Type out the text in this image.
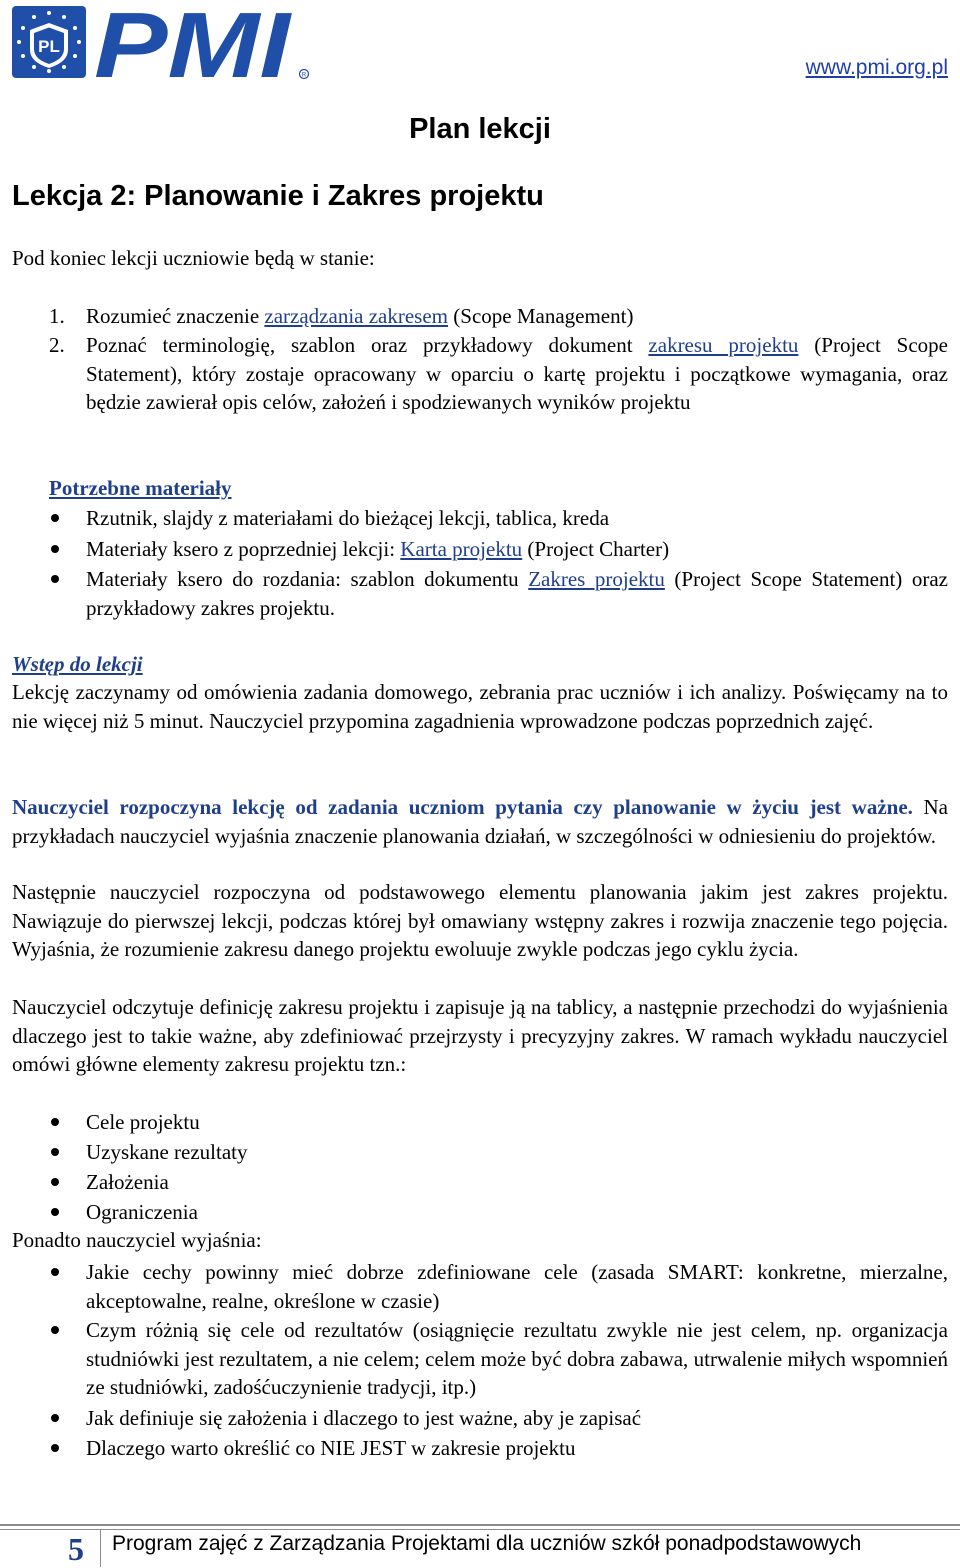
PL PMI R	www.pmi.org.pl
Plan lekcji
Lekcja 2: Planowanie i Zakres projektu
Pod koniec lekcji uczniowie będą w stanie:
1. Rozumieć znaczenie zarządzania zakresem (Scope Management)
2. Poznać terminologię, szablon oraz przykładowy dokument zakresu projektu (Project Scope Statement), który zostaje opracowany w oparciu o kartę projektu i początkowe wymagania, oraz będzie zawierał opis celów, założeń i spodziewanych wyników projektu
Potrzebne materiały
Rzutnik, slajdy z materiałami do bieżącej lekcji, tablica, kreda
Materiały ksero z poprzedniej lekcji: Karta projektu (Project Charter)
Materiały ksero do rozdania: szablon dokumentu Zakres projektu (Project Scope Statement) oraz przykładowy zakres projektu.
Wstęp do lekcji
Lekcję zaczynamy od omówienia zadania domowego, zebrania prac uczniów i ich analizy. Poświęcamy na to nie więcej niż 5 minut. Nauczyciel przypomina zagadnienia wprowadzone podczas poprzednich zajęć.
Nauczyciel rozpoczyna lekcję od zadania uczniom pytania czy planowanie w życiu jest ważne. Na przykładach nauczyciel wyjaśnia znaczenie planowania działań, w szczególności w odniesieniu do projektów.
Następnie nauczyciel rozpoczyna od podstawowego elementu planowania jakim jest zakres projektu. Nawiązuje do pierwszej lekcji, podczas której był omawiany wstępny zakres i rozwija znaczenie tego pojęcia. Wyjaśnia, że rozumienie zakresu danego projektu ewoluuje zwykle podczas jego cyklu życia.
Nauczyciel odczytuje definicję zakresu projektu i zapisuje ją na tablicy, a następnie przechodzi do wyjaśnienia dlaczego jest to takie ważne, aby zdefiniować przejrzysty i precyzyjny zakres. W ramach wykładu nauczyciel omówi główne elementy zakresu projektu tzn.:
Cele projektu
Uzyskane rezultaty
Założenia
Ograniczenia
Ponadto nauczyciel wyjaśnia:
Jakie cechy powinny mieć dobrze zdefiniowane cele (zasada SMART: konkretne, mierzalne, akceptowalne, realne, określone w czasie)
Czym różnią się cele od rezultatów (osiągnięcie rezultatu zwykle nie jest celem, np. organizacja studniówki jest rezultatem, a nie celem; celem może być dobra zabawa, utrwalenie miłych wspomnień ze studniówki, zadośćuczynienie tradycji, itp.)
Jak definiuje się założenia i dlaczego to jest ważne, aby je zapisać
Dlaczego warto określić co NIE JEST w zakresie projektu
5 Program zajęć z Zarządzania Projektami dla uczniów szkół ponadpodstawowych
